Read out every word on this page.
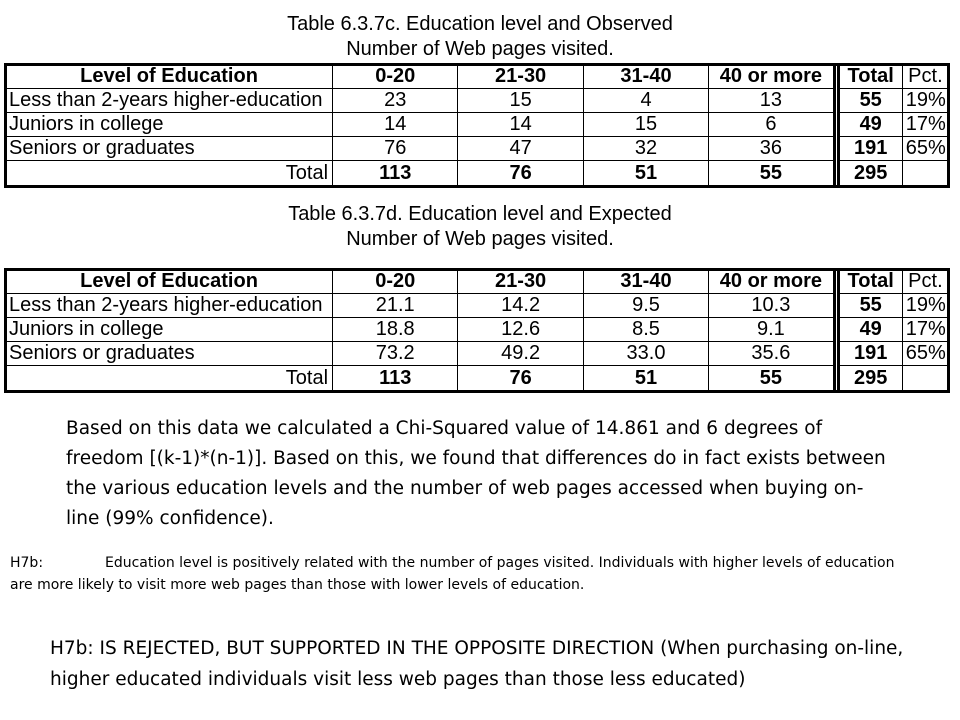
Table 6.3.7c. Education level and Observed
Number of Web pages visited.
Level of Education	0-20	21-30	31-40	40 or more		Total	Pct.
Less than 2-years higher-education	23	15	4	13		55	19%
Juniors in college	14	14	15	6		49	17%
Seniors or graduates	76	47	32	36		191	65%
Total	113	76	51	55		295	
Table 6.3.7d. Education level and Expected
Number of Web pages visited.
Level of Education	0-20	21-30	31-40	40 or more		Total	Pct.
Less than 2-years higher-education	21.1	14.2	9.5	10.3		55	19%
Juniors in college	18.8	12.6	8.5	9.1		49	17%
Seniors or graduates	73.2	49.2	33.0	35.6		191	65%
Total	113	76	51	55		295	
Based on this data we calculated a Chi-Squared value of 14.861 and 6 degrees of freedom [(k-1)*(n-1)]. Based on this, we found that differences do in fact exists between the various education levels and the number of web pages accessed when buying on-line (99% confidence).
H7b:	Education level is positively related with the number of pages visited. Individuals with higher levels of education are more likely to visit more web pages than those with lower levels of education.
H7b: IS REJECTED, BUT SUPPORTED IN THE OPPOSITE DIRECTION (When purchasing on-line, higher educated individuals visit less web pages than those less educated)
